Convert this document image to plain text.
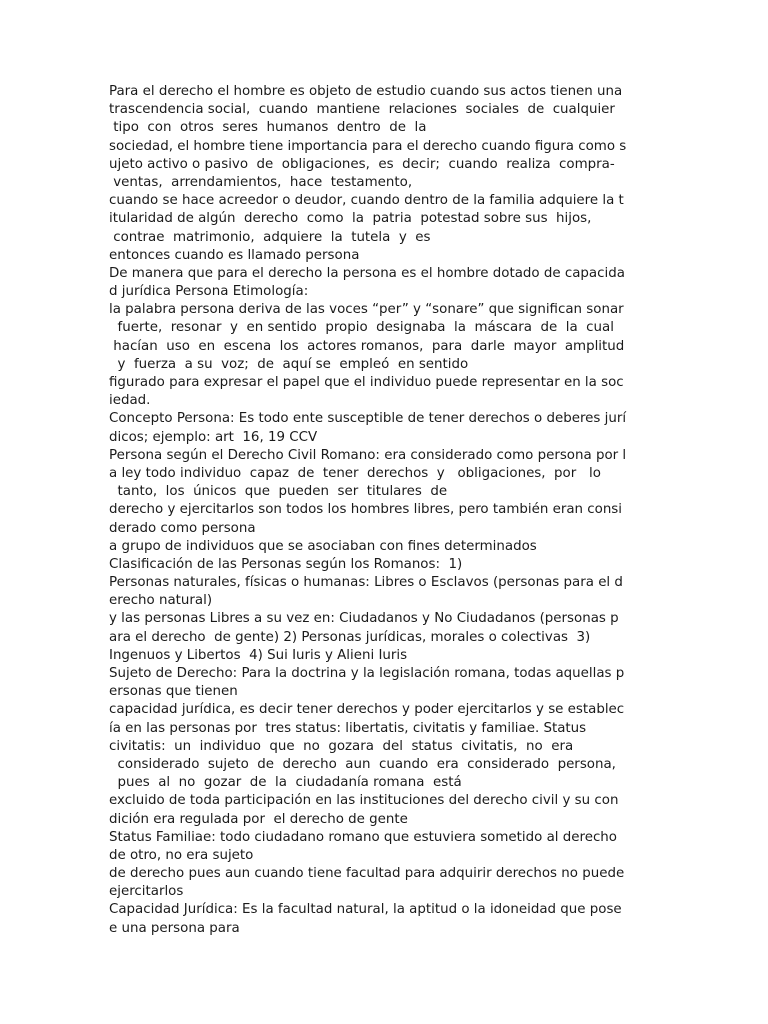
Para el derecho el hombre es objeto de estudio cuando sus actos tienen una
trascendencia social,  cuando  mantiene  relaciones  sociales  de  cualquier
tipo  con  otros  seres  humanos  dentro  de  la
sociedad, el hombre tiene importancia para el derecho cuando figura como s
ujeto activo o pasivo  de  obligaciones,  es  decir;  cuando  realiza  compra-
ventas,  arrendamientos,  hace  testamento,
cuando se hace acreedor o deudor, cuando dentro de la familia adquiere la t
itularidad de algún  derecho  como  la  patria  potestad sobre sus  hijos,
contrae  matrimonio,  adquiere  la  tutela  y  es
entonces cuando es llamado persona
De manera que para el derecho la persona es el hombre dotado de capacida
d jurídica Persona Etimología:
la palabra persona deriva de las voces “per” y “sonare” que significan sonar
fuerte,  resonar  y  en sentido  propio  designaba  la  máscara  de  la  cual
hacían  uso  en  escena  los  actores romanos,  para  darle  mayor  amplitud
y  fuerza  a su  voz;  de  aquí se  empleó  en sentido
figurado para expresar el papel que el individuo puede representar en la soc
iedad.
Concepto Persona: Es todo ente susceptible de tener derechos o deberes jurí
dicos; ejemplo: art  16, 19 CCV
Persona según el Derecho Civil Romano: era considerado como persona por l
a ley todo individuo  capaz  de  tener  derechos  y   obligaciones,  por   lo
tanto,  los  únicos  que  pueden  ser  titulares  de
derecho y ejercitarlos son todos los hombres libres, pero también eran consi
derado como persona
a grupo de individuos que se asociaban con fines determinados
Clasificación de las Personas según los Romanos:  1)
Personas naturales, físicas o humanas: Libres o Esclavos (personas para el d
erecho natural)
y las personas Libres a su vez en: Ciudadanos y No Ciudadanos (personas p
ara el derecho  de gente) 2) Personas jurídicas, morales o colectivas  3)
Ingenuos y Libertos  4) Sui Iuris y Alieni Iuris
Sujeto de Derecho: Para la doctrina y la legislación romana, todas aquellas p
ersonas que tienen
capacidad jurídica, es decir tener derechos y poder ejercitarlos y se establec
ía en las personas por  tres status: libertatis, civitatis y familiae. Status
civitatis:  un  individuo  que  no  gozara  del  status  civitatis,  no  era
considerado  sujeto  de  derecho  aun  cuando  era  considerado  persona,
pues  al  no  gozar  de  la  ciudadanía romana  está
excluido de toda participación en las instituciones del derecho civil y su con
dición era regulada por  el derecho de gente
Status Familiae: todo ciudadano romano que estuviera sometido al derecho
de otro, no era sujeto
de derecho pues aun cuando tiene facultad para adquirir derechos no puede
ejercitarlos
Capacidad Jurídica: Es la facultad natural, la aptitud o la idoneidad que pose
e una persona para
